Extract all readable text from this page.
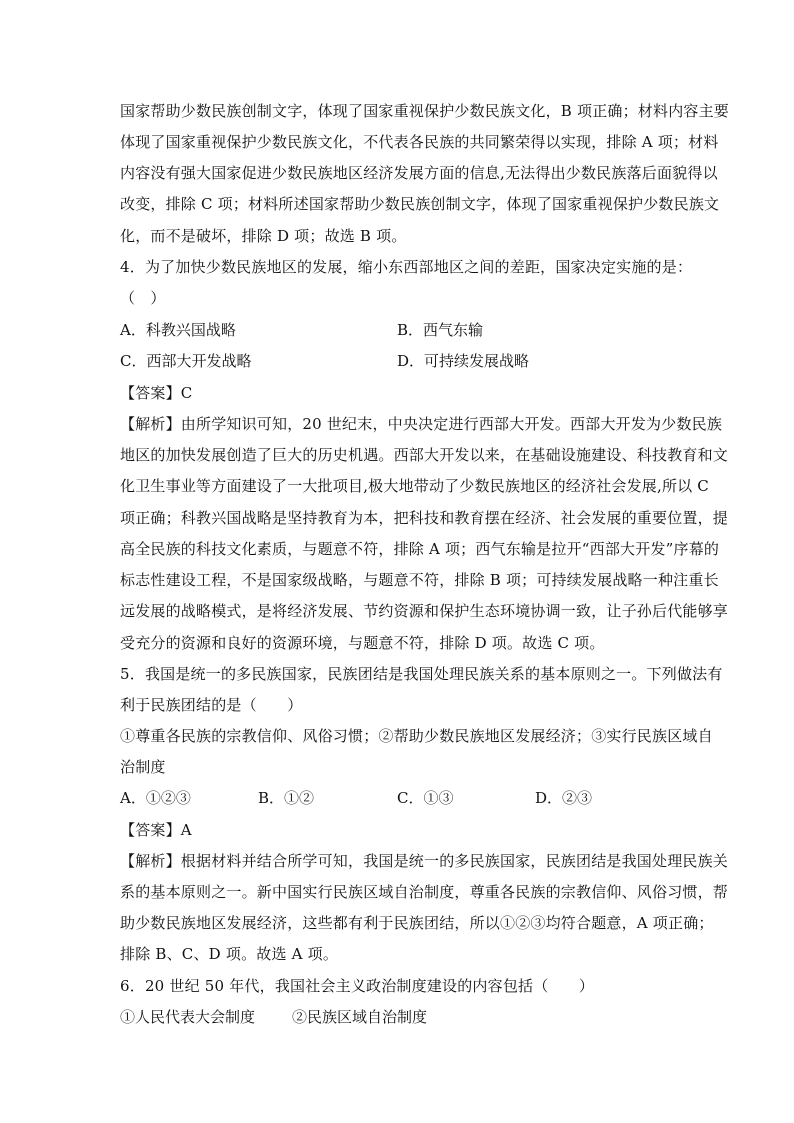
国家帮助少数民族创制文字，体现了国家重视保护少数民族文化，B 项正确；材料内容主要
体现了国家重视保护少数民族文化，不代表各民族的共同繁荣得以实现，排除 A 项；材料
内容没有强大国家促进少数民族地区经济发展方面的信息,无法得出少数民族落后面貌得以
改变，排除 C 项；材料所述国家帮助少数民族创制文字，体现了国家重视保护少数民族文
化，而不是破坏，排除 D 项；故选 B 项。
4．为了加快少数民族地区的发展，缩小东西部地区之间的差距，国家决定实施的是：
（　）
A．科教兴国战略	B．西气东输
C．西部大开发战略	D．可持续发展战略
【答案】C
【解析】由所学知识可知，20 世纪末，中央决定进行西部大开发。西部大开发为少数民族
地区的加快发展创造了巨大的历史机遇。西部大开发以来，在基础设施建设、科技教育和文
化卫生事业等方面建设了一大批项目,极大地带动了少数民族地区的经济社会发展,所以 C
项正确；科教兴国战略是坚持教育为本，把科技和教育摆在经济、社会发展的重要位置，提
高全民族的科技文化素质，与题意不符，排除 A 项；西气东输是拉开“西部大开发”序幕的
标志性建设工程，不是国家级战略，与题意不符，排除 B 项；可持续发展战略一种注重长
远发展的战略模式，是将经济发展、节约资源和保护生态环境协调一致，让子孙后代能够享
受充分的资源和良好的资源环境，与题意不符，排除 D 项。故选 C 项。
5．我国是统一的多民族国家，民族团结是我国处理民族关系的基本原则之一。下列做法有
利于民族团结的是（　　）
①尊重各民族的宗教信仰、风俗习惯；②帮助少数民族地区发展经济；③实行民族区域自
治制度
A．①②③	B．①②	C．①③	D．②③
【答案】A
【解析】根据材料并结合所学可知，我国是统一的多民族国家，民族团结是我国处理民族关
系的基本原则之一。新中国实行民族区域自治制度，尊重各民族的宗教信仰、风俗习惯，帮
助少数民族地区发展经济，这些都有利于民族团结，所以①②③均符合题意，A 项正确；
排除 B、C、D 项。故选 A 项。
6．20 世纪 50 年代，我国社会主义政治制度建设的内容包括（　　）
①人民代表大会制度 ②民族区域自治制度
